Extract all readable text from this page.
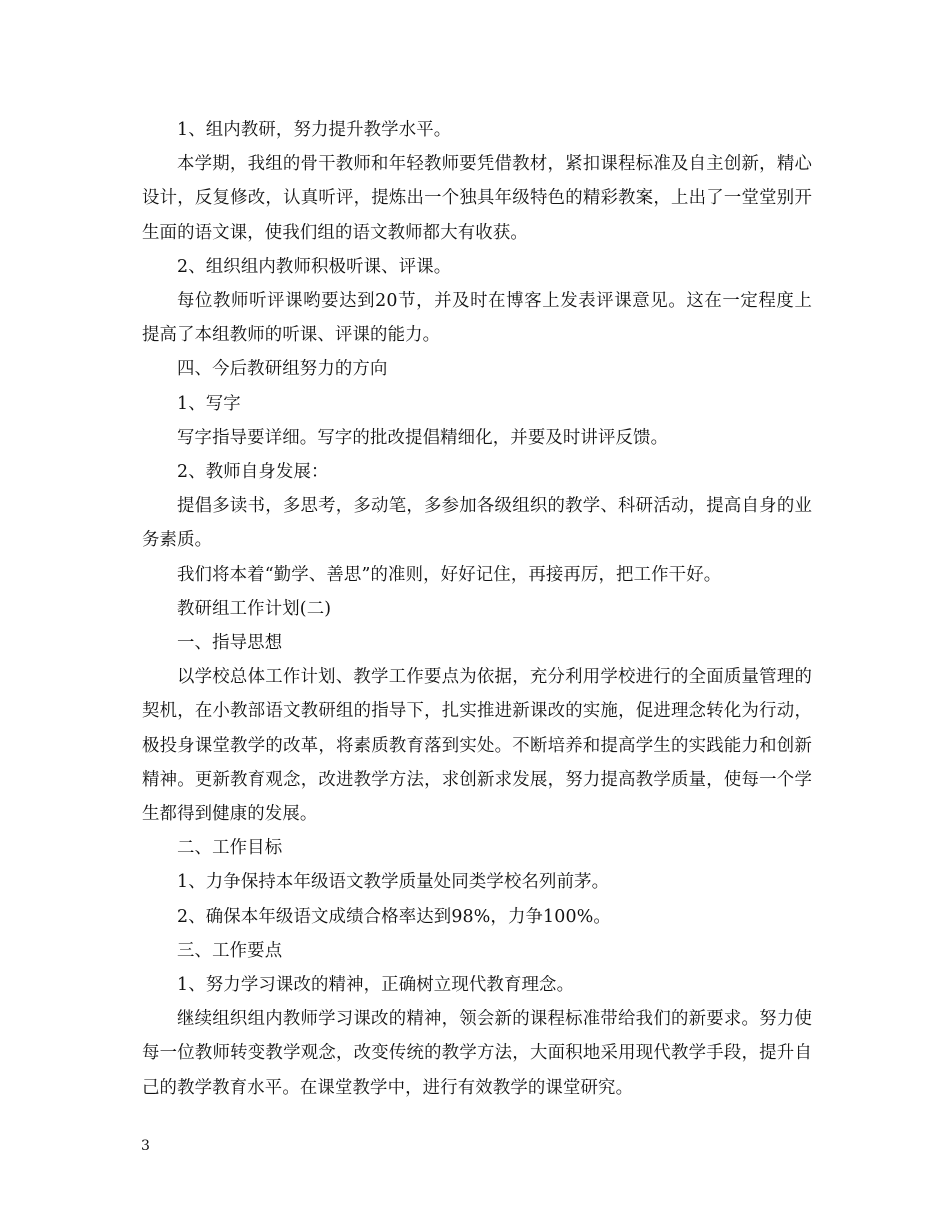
1、组内教研，努力提升教学水平。

本学期，我组的骨干教师和年轻教师要凭借教材，紧扣课程标准及自主创新，精心设计，反复修改，认真听评，提炼出一个独具年级特色的精彩教案，上出了一堂堂别开生面的语文课，使我们组的语文教师都大有收获。

2、组织组内教师积极听课、评课。

每位教师听评课哟要达到20节，并及时在博客上发表评课意见。这在一定程度上提高了本组教师的听课、评课的能力。

四、今后教研组努力的方向

1、写字

写字指导要详细。写字的批改提倡精细化，并要及时讲评反馈。

2、教师自身发展：

提倡多读书，多思考，多动笔，多参加各级组织的教学、科研活动，提高自身的业务素质。

我们将本着“勤学、善思”的准则，好好记住，再接再厉，把工作干好。

教研组工作计划(二)

一、指导思想

以学校总体工作计划、教学工作要点为依据，充分利用学校进行的全面质量管理的契机，在小教部语文教研组的指导下，扎实推进新课改的实施，促进理念转化为行动，极投身课堂教学的改革，将素质教育落到实处。不断培养和提高学生的实践能力和创新精神。更新教育观念，改进教学方法，求创新求发展，努力提高教学质量，使每一个学生都得到健康的发展。

二、工作目标

1、力争保持本年级语文教学质量处同类学校名列前茅。

2、确保本年级语文成绩合格率达到98%，力争100%。

三、工作要点

1、努力学习课改的精神，正确树立现代教育理念。

继续组织组内教师学习课改的精神，领会新的课程标准带给我们的新要求。努力使每一位教师转变教学观念，改变传统的教学方法，大面积地采用现代教学手段，提升自己的教学教育水平。在课堂教学中，进行有效教学的课堂研究。

3
